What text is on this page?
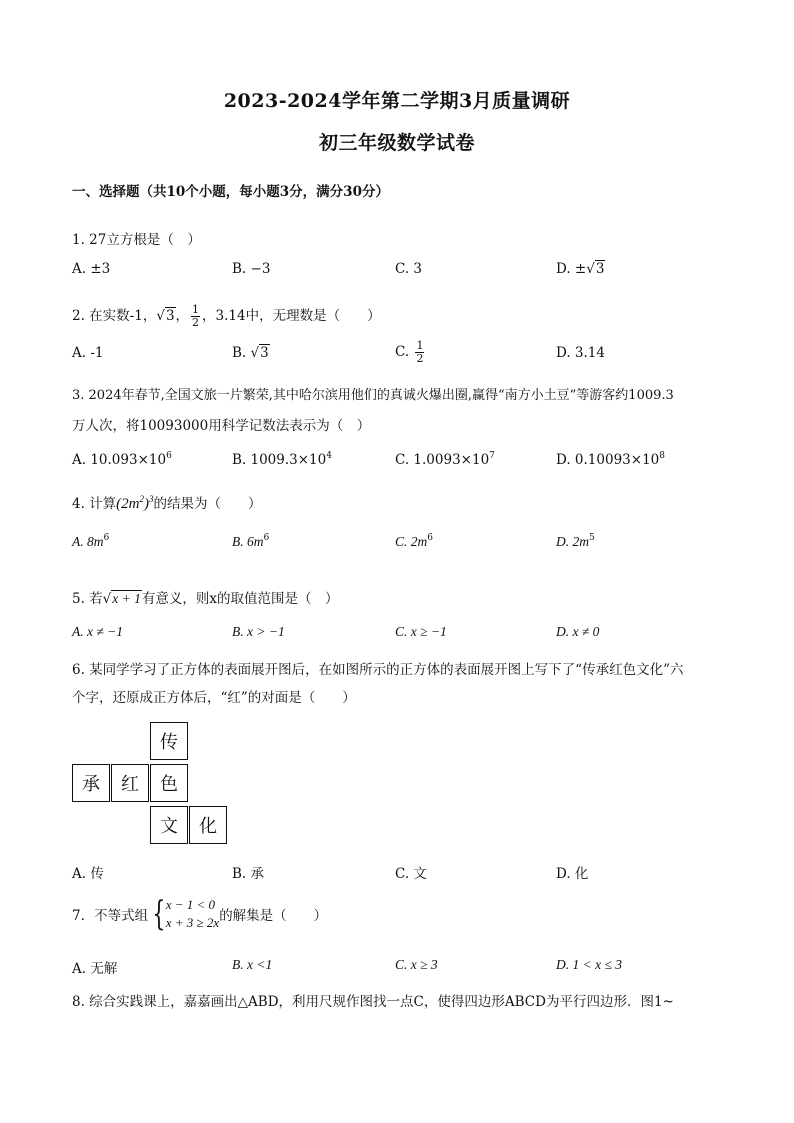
2023-2024学年第二学期3月质量调研
初三年级数学试卷
一、选择题（共10个小题，每小题3分，满分30分）
1. 27立方根是（　）
A. ±3	B. −3	C. 3	D. ±√3
2. 在实数-1，√3， $\frac{1}{2}$ ，3.14中，无理数是（　　）
A. -1	B. √3	C. $\frac{1}{2}$	D. 3.14
3. 2024年春节,全国文旅一片繁荣,其中哈尔滨用他们的真诚火爆出圈,赢得“南方小土豆”等游客约1009.3
万人次，将10093000用科学记数法表示为（　）
A. $10.093\times 10^6$	B. $1009.3\times 10^4$	C. $1.0093\times 10^7$	D. $0.10093\times 10^8$
4. 计算$(2m^2)^3$的结果为（　　）
A. $8m^6$	B. $6m^6$	C. $2m^6$	D. $2m^5$
5. 若√x + 1有意义，则x的取值范围是（　）
A. x ≠ −1	B. x > −1	C. x ≥ −1	D. x ≠ 0
6. 某同学学习了正方体的表面展开图后，在如图所示的正方体的表面展开图上写下了“传承红色文化”六
个字，还原成正方体后，“红”的对面是（　　）
传
承	红	色
文	化
A. 传	B. 承	C. 文	D. 化
7．不等式组 { x − 1 < 0
x + 3 ≥ 2x 的解集是（　　）
A. 无解	B. x <1	C. x ≥ 3	D. 1 < x ≤ 3
8. 综合实践课上，嘉嘉画出△ABD，利用尺规作图找一点C，使得四边形ABCD为平行四边形．图1~
